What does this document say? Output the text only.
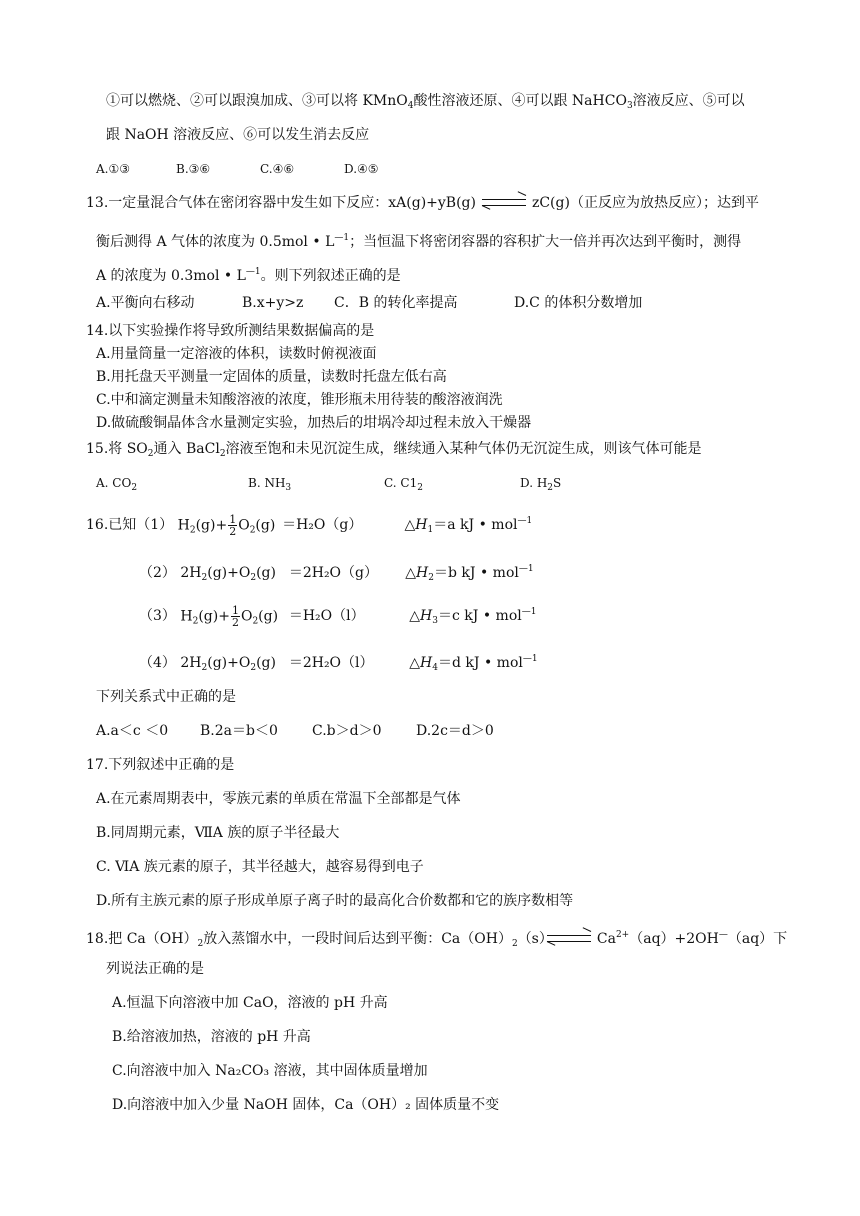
①可以燃烧、②可以跟溴加成、③可以将 KMnO$_4$酸性溶液还原、④可以跟 NaHCO$_3$溶液反应、⑤可以
跟 NaOH 溶液反应、⑥可以发生消去反应
A.①③	B.③⑥	C.④⑥	D.④⑤
13.一定量混合气体在密闭容器中发生如下反应：xA(g)+yB(g)	zC(g)（正反应为放热反应）；达到平
衡后测得 A 气体的浓度为 0.5mol • $L^{—1}$；当恒温下将密闭容器的容积扩大一倍并再次达到平衡时，测得
A 的浓度为 0.3mol • $L^{—1}$。则下列叙述正确的是
A.平衡向右移动	B.x+y>z C．B 的转化率提高	D.C 的体积分数增加
14.以下实验操作将导致所测结果数据偏高的是
A.用量筒量一定溶液的体积，读数时俯视液面
B.用托盘天平测量一定固体的质量，读数时托盘左低右高
C.中和滴定测量未知酸溶液的浓度，锥形瓶未用待装的酸溶液润洗
D.做硫酸铜晶体含水量测定实验，加热后的坩埚冷却过程未放入干燥器
15.将 $SO_2$通入 BaCl$_2$溶液至饱和未见沉淀生成，继续通入某种气体仍无沉淀生成，则该气体可能是
A. $CO_2$	B. $NH_3$	C. $C1_2$	D. $H_2S$
16.已知（1） $H_2(g)+ \frac{1}{2} O_2(g) =H_2O(g)$	$\triangle H_1=a$ kJ • mol$^{—1}$
（2） $2H_2(g)+O_2(g) =2H_2O(g)$ $\triangle H_2=b$ kJ • mol$^{—1}$
（3） $H_2(g)+ \frac{1}{2} O_2(g) =H_2O(l)$	$\triangle H_3=c$ kJ • mol$^{—1}$
（4） $2H_2(g)+O_2(g) =2H_2O(l)$	$\triangle H_4=d$ kJ • mol$^{—1}$
下列关系式中正确的是
A.a＜c ＜0 B.2a＝b＜0 C.b＞d＞0 D.2c＝d＞0
17.下列叙述中正确的是
A.在元素周期表中，零族元素的单质在常温下全部都是气体
B.同周期元素，ⅦA 族的原子半径最大
C. ⅥA 族元素的原子，其半径越大，越容易得到电子
D.所有主族元素的原子形成单原子离子时的最高化合价数都和它的族序数相等
18.把 $Ca(OH)_2$放入蒸馏水中，一段时间后达到平衡：$Ca(OH)_2(s)$	$Ca^{2+}(aq)+2OH^—(aq)$下
列说法正确的是
A.恒温下向溶液中加 CaO，溶液的 pH 升高
B.给溶液加热，溶液的 pH 升高
C.向溶液中加入 Na₂CO₃ 溶液，其中固体质量增加
D.向溶液中加入少量 NaOH 固体，Ca（OH）₂ 固体质量不变
